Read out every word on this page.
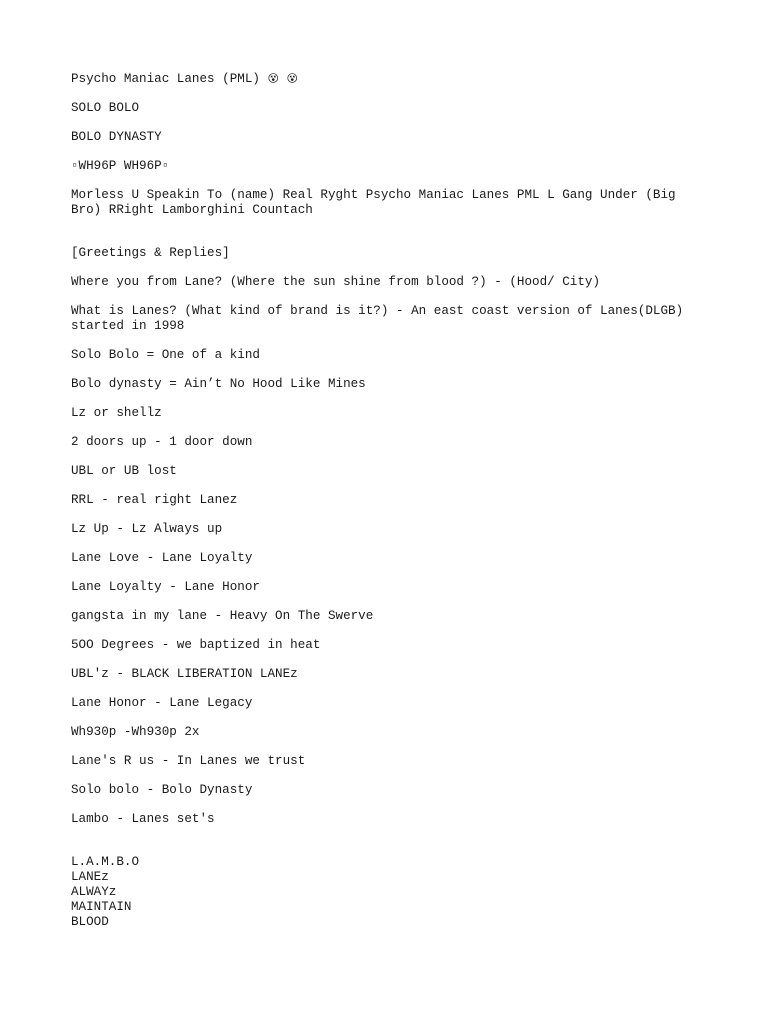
Psycho Maniac Lanes (PML) 😵 😵

SOLO BOLO

BOLO DYNASTY

▫WH96P WH96P▫

Morless U Speakin To (name) Real Ryght Psycho Maniac Lanes PML L Gang Under (Big Bro) RRight Lamborghini Countach

[Greetings & Replies]

Where you from Lane? (Where the sun shine from blood ?) - (Hood/ City)

What is Lanes? (What kind of brand is it?) - An east coast version of Lanes(DLGB) started in 1998

Solo Bolo = One of a kind

Bolo dynasty = Ain’t No Hood Like Mines

Lz or shellz

2 doors up - 1 door down

UBL or UB lost

RRL - real right Lanez

Lz Up - Lz Always up

Lane Love - Lane Loyalty

Lane Loyalty - Lane Honor

gangsta in my lane - Heavy On The Swerve

5OO Degrees - we baptized in heat

UBL'z - BLACK LIBERATION LANEz

Lane Honor - Lane Legacy

Wh930p -Wh930p 2x

Lane's R us - In Lanes we trust

Solo bolo - Bolo Dynasty

Lambo - Lanes set's

L.A.M.B.O

LANEz

ALWAYz

MAINTAIN

BLOOD
